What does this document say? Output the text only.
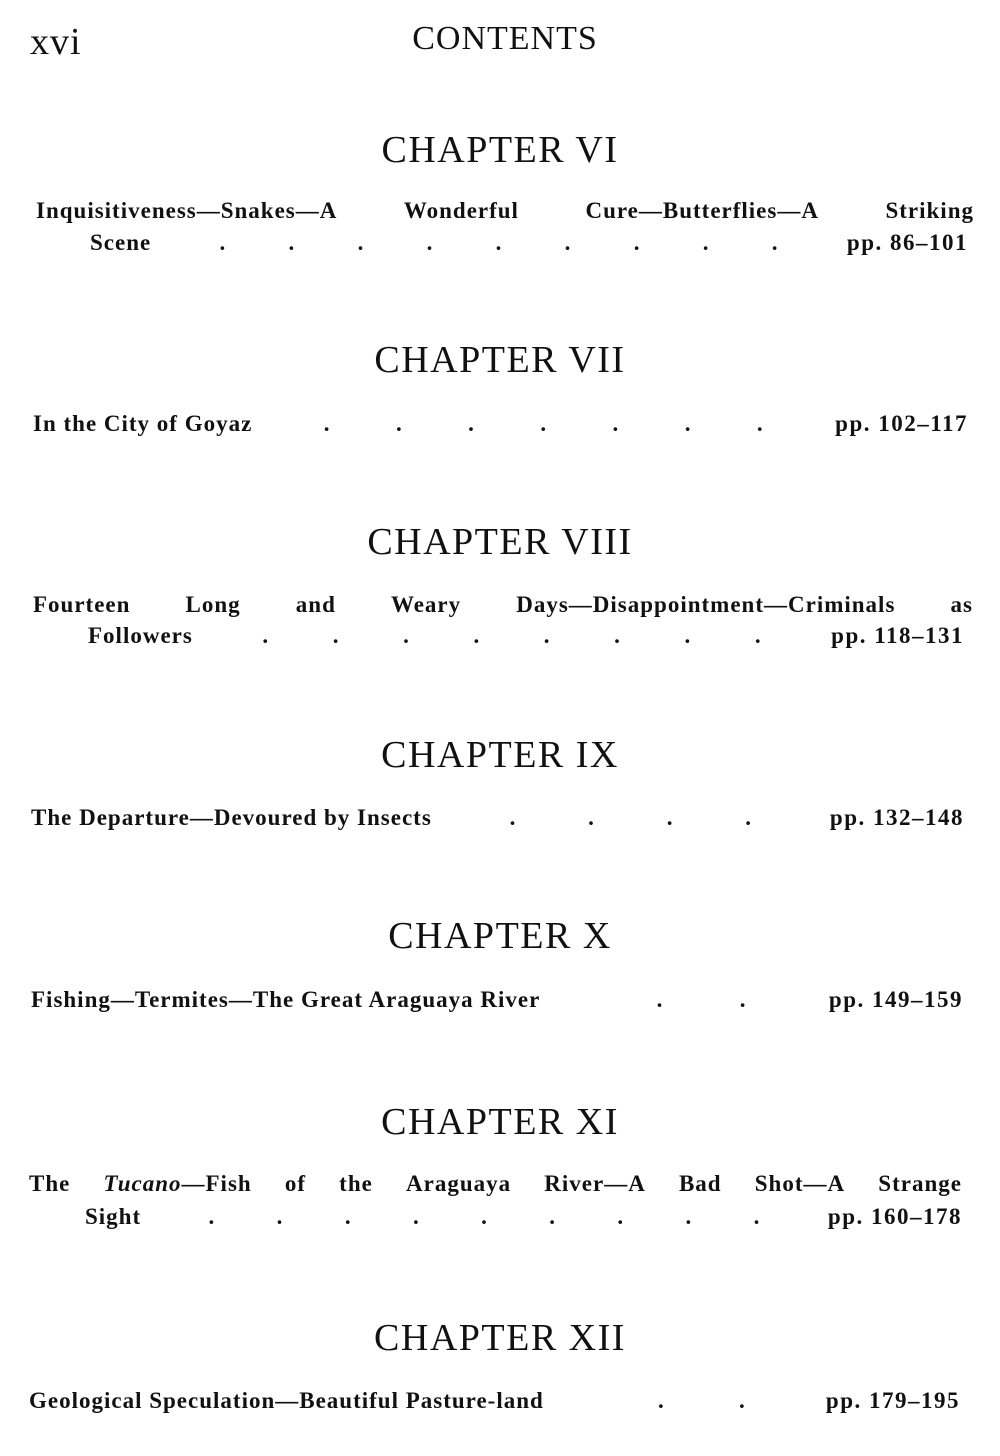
xvi	CONTENTS
CHAPTER VI
Inquisitiveness—Snakes—A	Wonderful	Cure—Butterflies—A	Striking
Scene	.	.	.	.	.	.	.	.	.	pp. 86–101
CHAPTER VII
In the City of Goyaz	.	.	.	.	.	.	.	pp. 102–117
CHAPTER VIII
Fourteen Long and Weary Days—Disappointment—Criminals as
Followers	.	.	.	.	.	.	.	.	pp. 118–131
CHAPTER IX
The Departure—Devoured by Insects	.	.	.	.	pp. 132–148
CHAPTER X
Fishing—Termites—The Great Araguaya River	.	.	pp. 149–159
CHAPTER XI
The Tucano—Fish of the Araguaya River—A Bad Shot—A Strange
Sight	.	.	.	.	.	.	.	.	.	pp. 160–178
CHAPTER XII
Geological Speculation—Beautiful Pasture-land	.	.	pp. 179–195
